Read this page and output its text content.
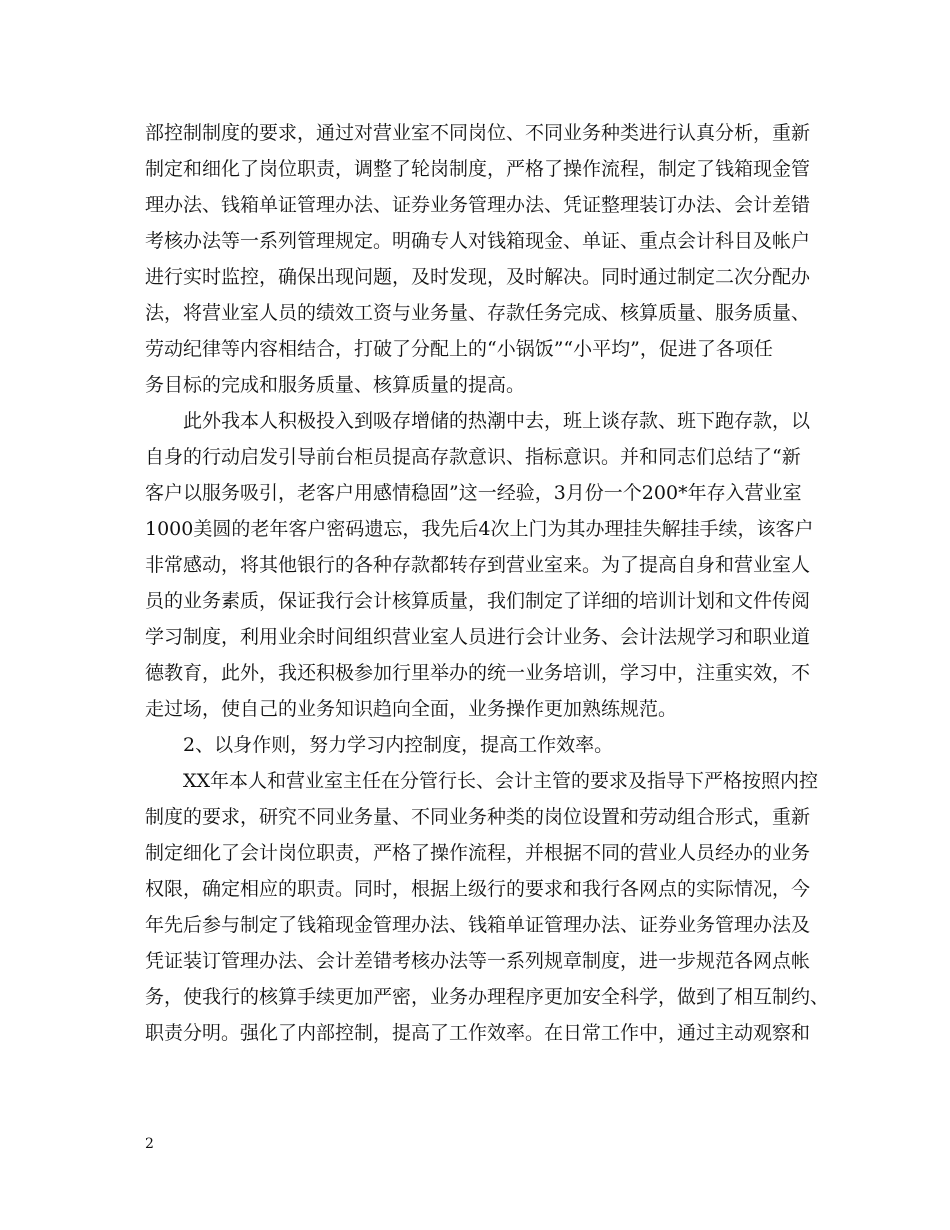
部控制制度的要求，通过对营业室不同岗位、不同业务种类进行认真分析，重新
制定和细化了岗位职责，调整了轮岗制度，严格了操作流程，制定了钱箱现金管
理办法、钱箱单证管理办法、证券业务管理办法、凭证整理装订办法、会计差错
考核办法等一系列管理规定。明确专人对钱箱现金、单证、重点会计科目及帐户
进行实时监控，确保出现问题，及时发现，及时解决。同时通过制定二次分配办
法，将营业室人员的绩效工资与业务量、存款任务完成、核算质量、服务质量、
劳动纪律等内容相结合，打破了分配上的“小锅饭”“小平均”，促进了各项任
务目标的完成和服务质量、核算质量的提高。
此外我本人积极投入到吸存增储的热潮中去，班上谈存款、班下跑存款，以
自身的行动启发引导前台柜员提高存款意识、指标意识。并和同志们总结了“新
客户以服务吸引，老客户用感情稳固”这一经验，3月份一个200*年存入营业室
1000美圆的老年客户密码遗忘，我先后4次上门为其办理挂失解挂手续，该客户
非常感动，将其他银行的各种存款都转存到营业室来。为了提高自身和营业室人
员的业务素质，保证我行会计核算质量，我们制定了详细的培训计划和文件传阅
学习制度，利用业余时间组织营业室人员进行会计业务、会计法规学习和职业道
德教育，此外，我还积极参加行里举办的统一业务培训，学习中，注重实效，不
走过场，使自己的业务知识趋向全面，业务操作更加熟练规范。
2、以身作则，努力学习内控制度，提高工作效率。
XX年本人和营业室主任在分管行长、会计主管的要求及指导下严格按照内控
制度的要求，研究不同业务量、不同业务种类的岗位设置和劳动组合形式，重新
制定细化了会计岗位职责，严格了操作流程，并根据不同的营业人员经办的业务
权限，确定相应的职责。同时，根据上级行的要求和我行各网点的实际情况，今
年先后参与制定了钱箱现金管理办法、钱箱单证管理办法、证券业务管理办法及
凭证装订管理办法、会计差错考核办法等一系列规章制度，进一步规范各网点帐
务，使我行的核算手续更加严密，业务办理程序更加安全科学，做到了相互制约、
职责分明。强化了内部控制，提高了工作效率。在日常工作中，通过主动观察和
2
